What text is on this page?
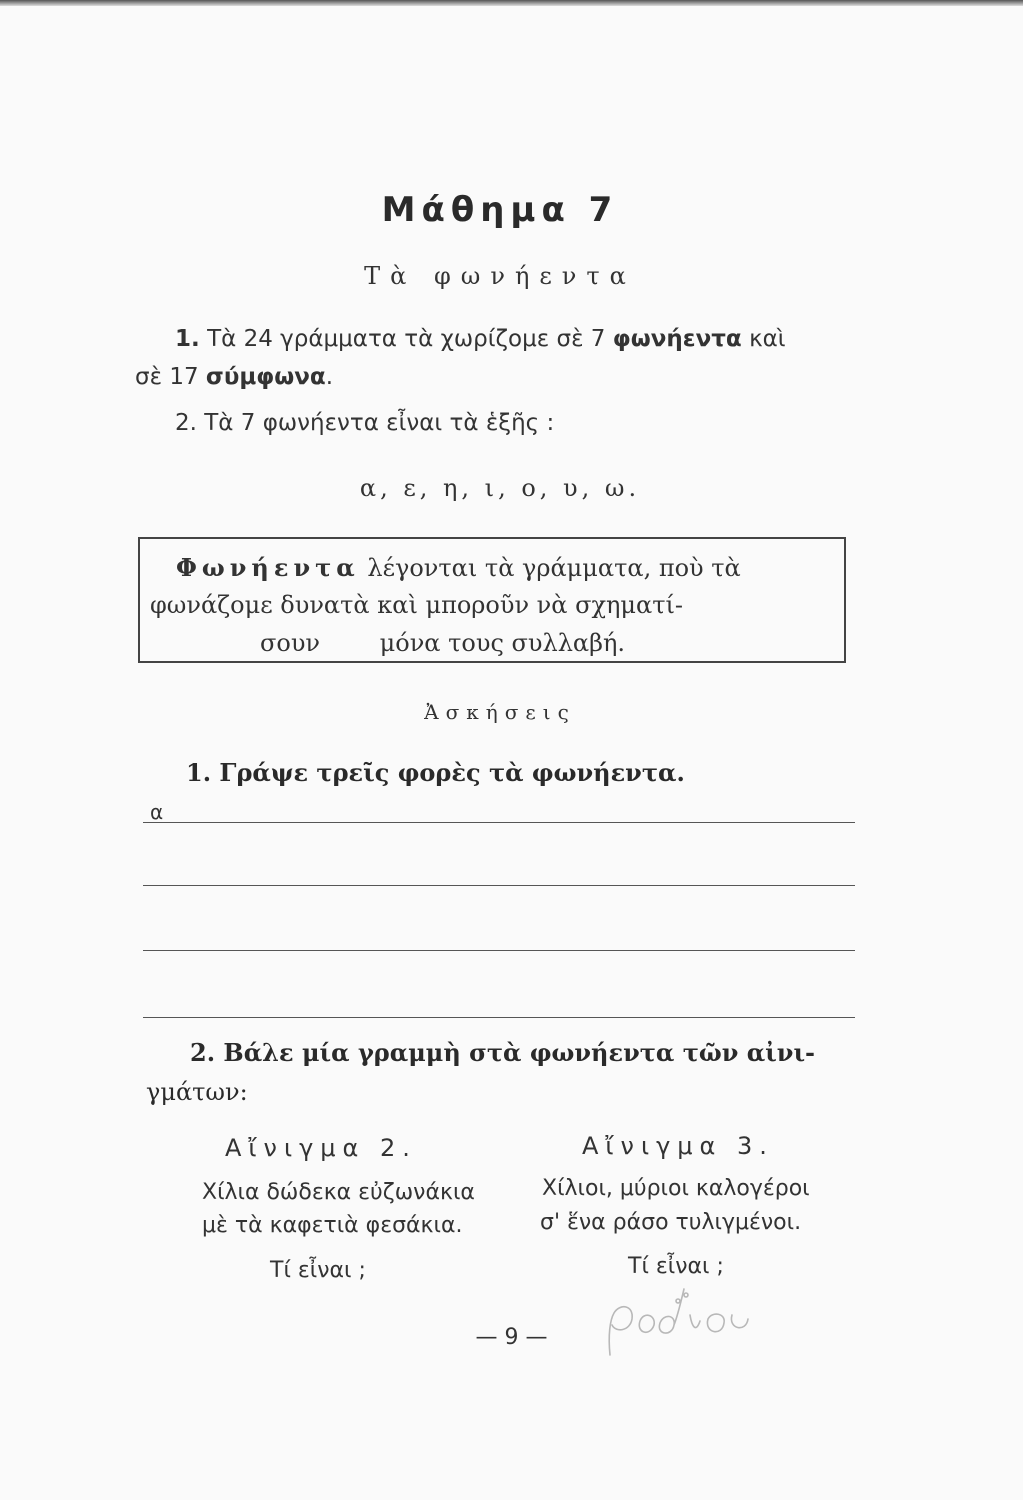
Μάθημα 7
Τὰ φωνήεντα
1. Τὰ 24 γράμματα τὰ χωρίζομε σὲ 7 φωνήεντα καὶ
σὲ 17 σύμφωνα.
2. Τὰ 7 φωνήεντα εἶναι τὰ ἑξῆς :
α, ε, η, ι, ο, υ, ω.
Φωνήεντα λέγονται τὰ γράμματα, ποὺ τὰ
φωνάζομε δυνατὰ καὶ μποροῦν νὰ σχηματί-
σουν μόνα τους συλλαβή.
Ἀσκήσεις
1. Γράψε τρεῖς φορὲς τὰ φωνήεντα.
α
2. Βάλε μία γραμμὴ στὰ φωνήεντα τῶν αἰνι-
γμάτων:
Αἴνιγμα 2.
Χίλια δώδεκα εὐζωνάκια
μὲ τὰ καφετιὰ φεσάκια.
Τί εἶναι ;
Αἴνιγμα 3.
Χίλιοι, μύριοι καλογέροι
σ' ἕνα ράσο τυλιγμένοι.
Τί εἶναι ;
— 9 —
